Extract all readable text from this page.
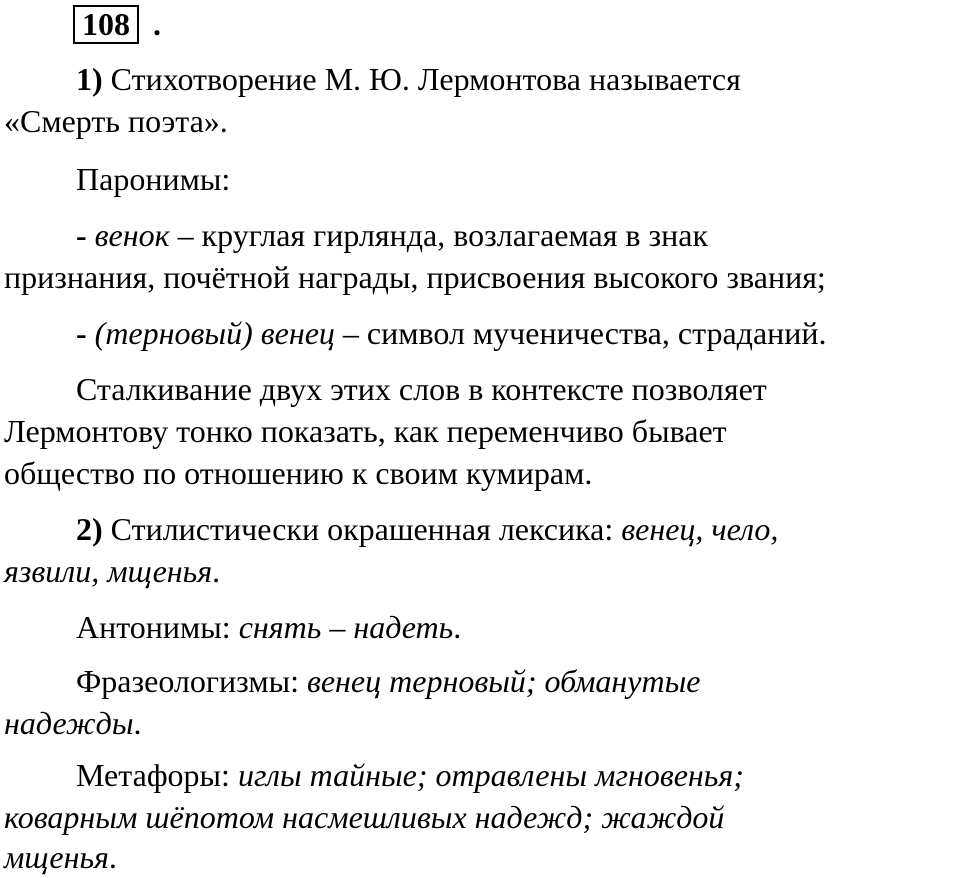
108 .
1) Стихотворение М. Ю. Лермонтова называется
«Смерть поэта».
Паронимы:
- венок – круглая гирлянда, возлагаемая в знак
признания, почётной награды, присвоения высокого звания;
- (терновый) венец – символ мученичества, страданий.
Сталкивание двух этих слов в контексте позволяет
Лермонтову тонко показать, как переменчиво бывает
общество по отношению к своим кумирам.
2) Стилистически окрашенная лексика: венец, чело,
язвили, мщенья.
Антонимы: снять – надеть.
Фразеологизмы: венец терновый; обманутые
надежды.
Метафоры: иглы тайные; отравлены мгновенья;
коварным шёпотом насмешливых надежд; жаждой
мщенья.
